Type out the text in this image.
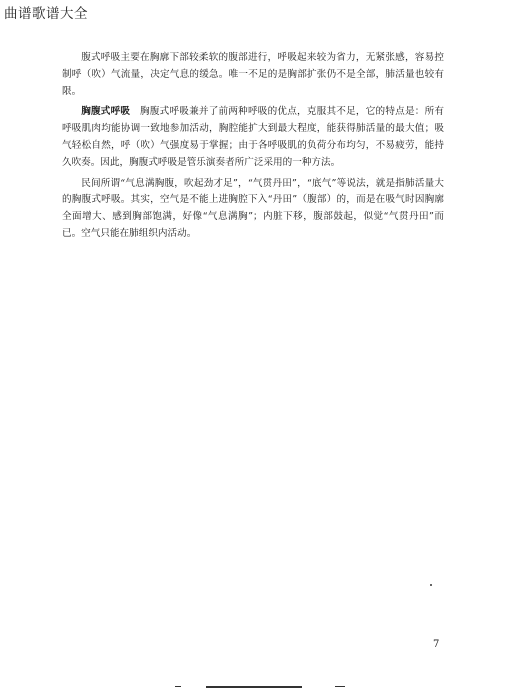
曲谱歌谱大全

腹式呼吸主要在胸廓下部较柔软的腹部进行，呼吸起来较为省力，无紧张感，容易控制呼（吹）气流量，决定气息的缓急。唯一不足的是胸部扩张仍不是全部，肺活量也较有限。

胸腹式呼吸　胸腹式呼吸兼并了前两种呼吸的优点，克服其不足，它的特点是：所有呼吸肌肉均能协调一致地参加活动，胸腔能扩大到最大程度，能获得肺活量的最大值；吸气轻松自然，呼（吹）气强度易于掌握；由于各呼吸肌的负荷分布均匀，不易疲劳，能持久吹奏。因此，胸腹式呼吸是管乐演奏者所广泛采用的一种方法。

民间所谓“气息满胸腹，吹起劲才足”，“气贯丹田”，“底气”等说法，就是指肺活量大的胸腹式呼吸。其实，空气是不能上进胸腔下入“丹田”（腹部）的，而是在吸气时因胸廓全面增大、感到胸部饱满，好像“气息满胸”；内脏下移，腹部鼓起，似觉“气贯丹田”而已。空气只能在肺组织内活动。

7
